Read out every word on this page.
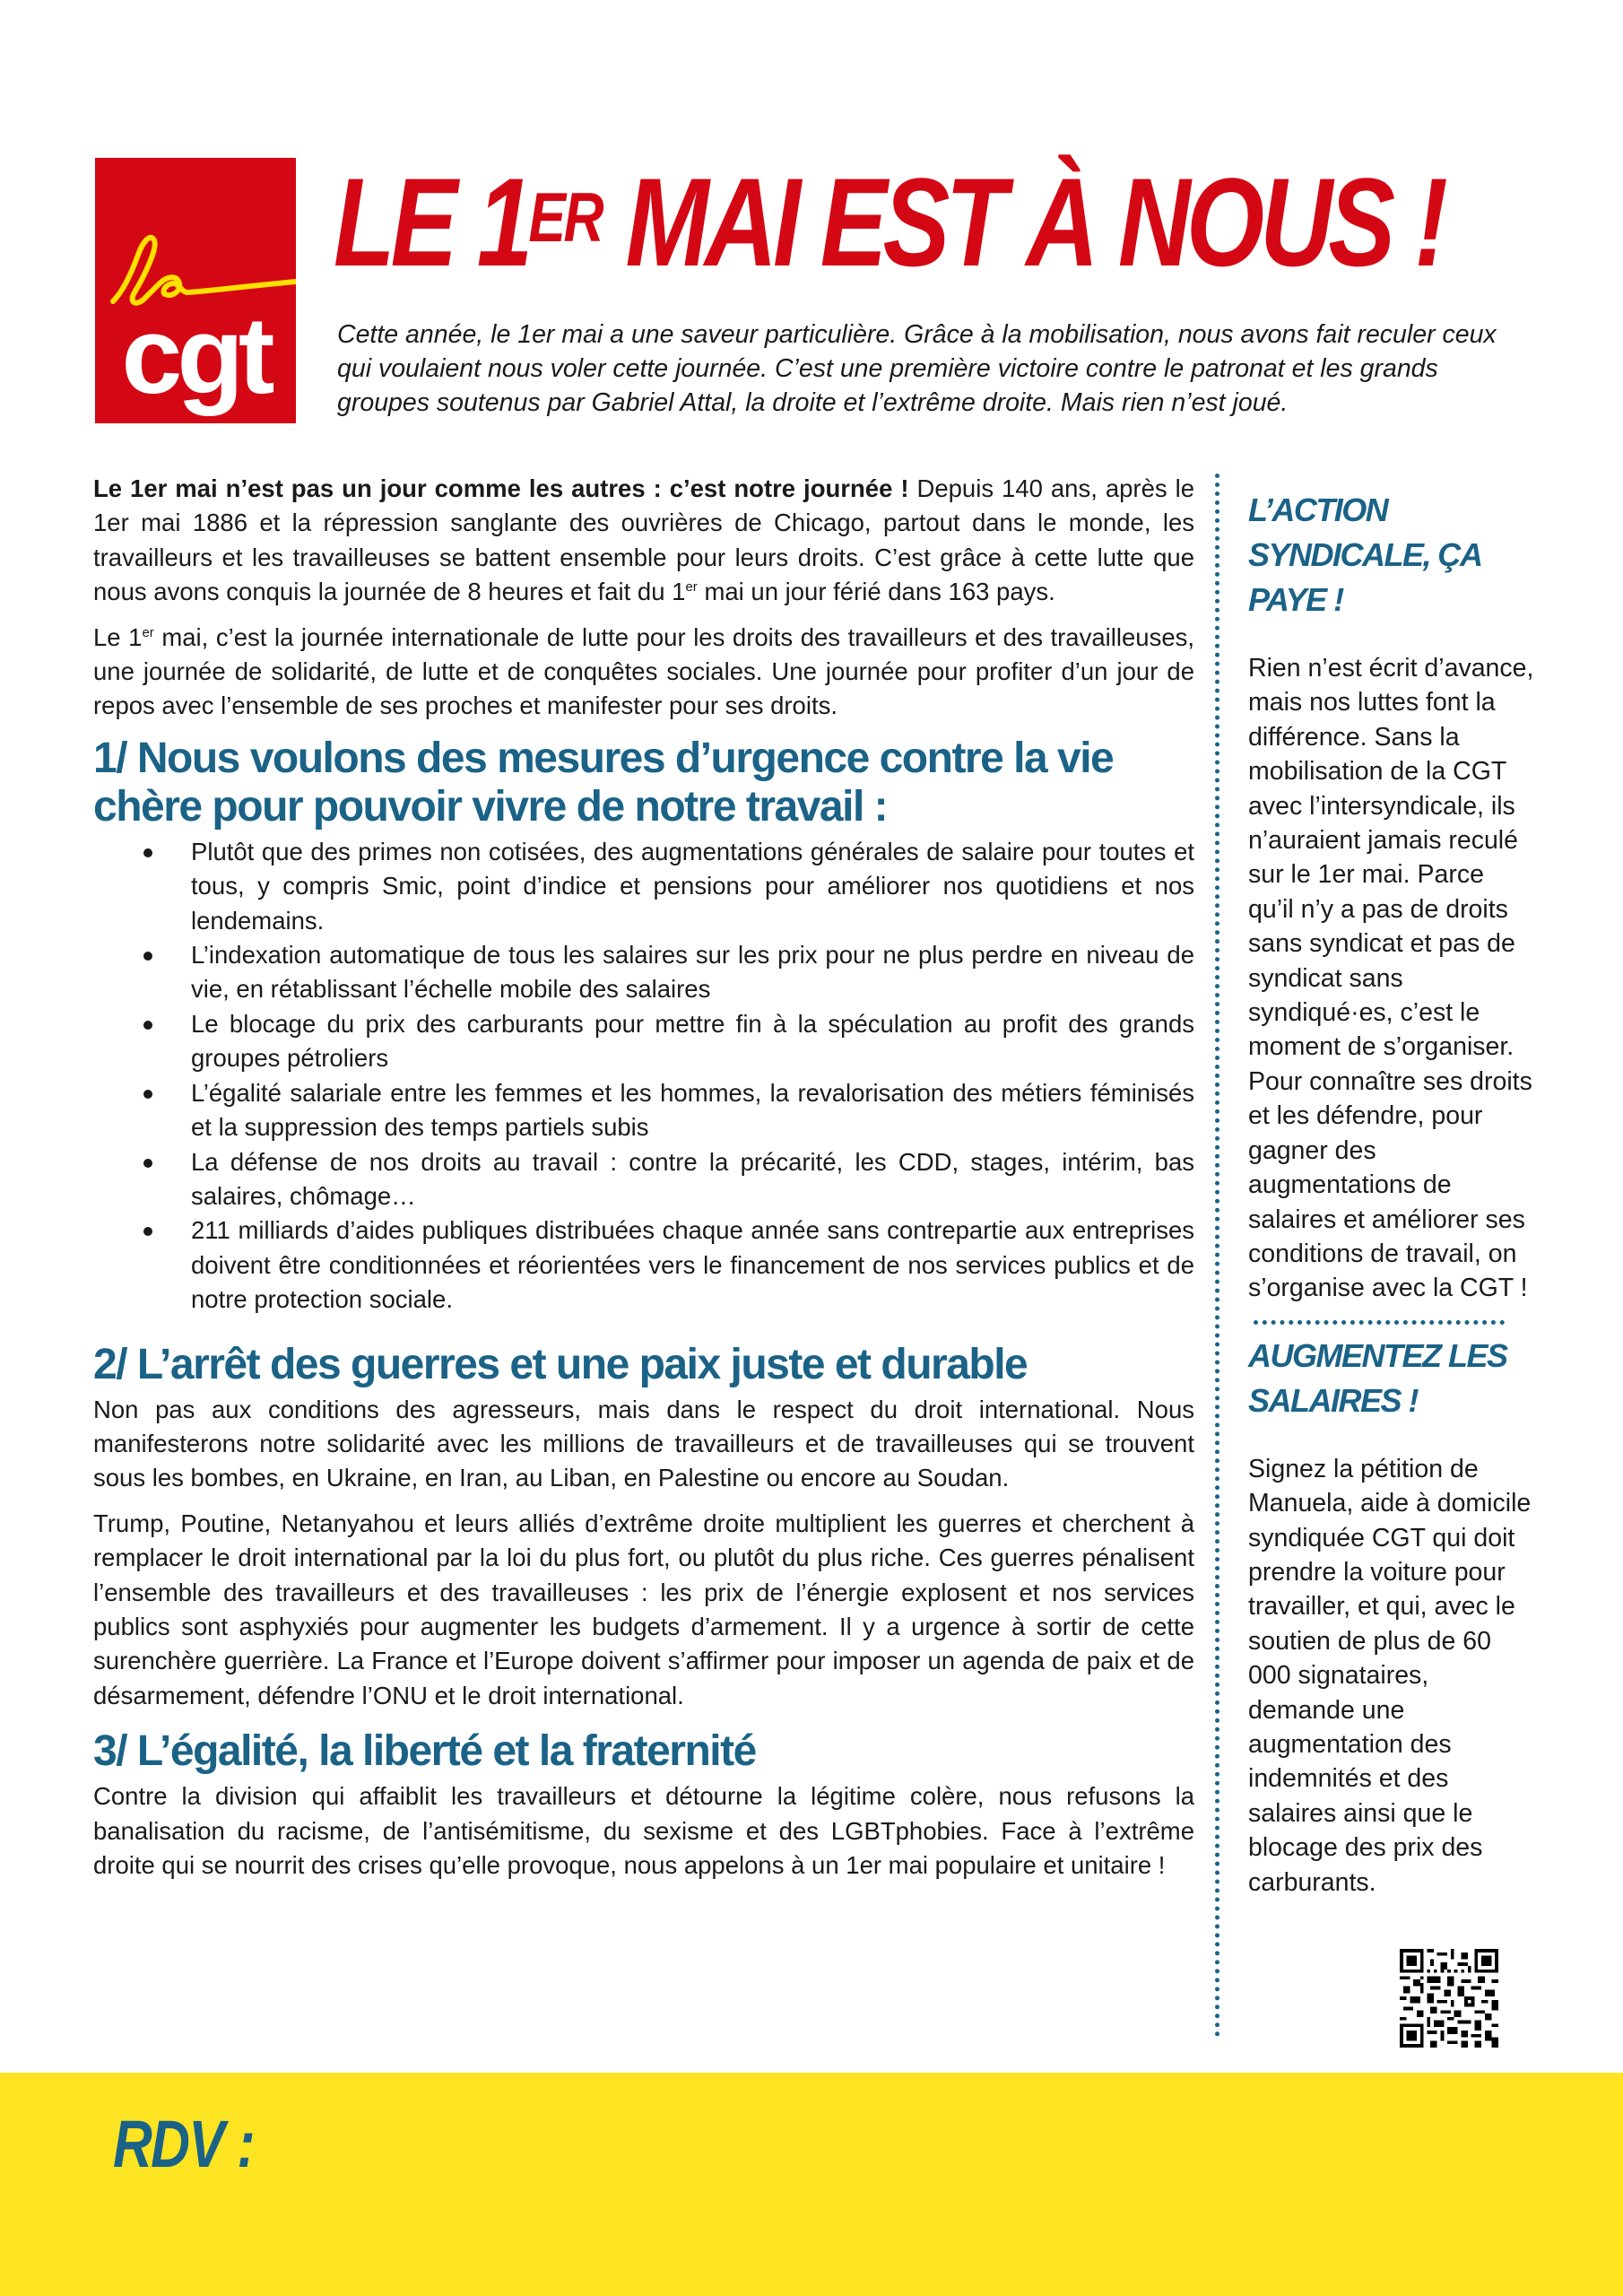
cgt
LE 1ER MAI EST À NOUS !

Cette année, le 1er mai a une saveur particulière. Grâce à la mobilisation, nous avons fait reculer ceux qui voulaient nous voler cette journée. C’est une première victoire contre le patronat et les grands groupes soutenus par Gabriel Attal, la droite et l’extrême droite. Mais rien n’est joué.

Le 1er mai n’est pas un jour comme les autres : c’est notre journée ! Depuis 140 ans, après le 1er mai 1886 et la répression sanglante des ouvrières de Chicago, partout dans le monde, les travailleurs et les travailleuses se battent ensemble pour leurs droits. C’est grâce à cette lutte que nous avons conquis la journée de 8 heures et fait du 1er mai un jour férié dans 163 pays.

Le 1er mai, c’est la journée internationale de lutte pour les droits des travailleurs et des travailleuses, une journée de solidarité, de lutte et de conquêtes sociales. Une journée pour profiter d’un jour de repos avec l’ensemble de ses proches et manifester pour ses droits.

1/ Nous voulons des mesures d’urgence contre la vie chère pour pouvoir vivre de notre travail :
Plutôt que des primes non cotisées, des augmentations générales de salaire pour toutes et tous, y compris Smic, point d’indice et pensions pour améliorer nos quotidiens et nos lendemains.
L’indexation automatique de tous les salaires sur les prix pour ne plus perdre en niveau de vie, en rétablissant l’échelle mobile des salaires
Le blocage du prix des carburants pour mettre fin à la spéculation au profit des grands groupes pétroliers
L’égalité salariale entre les femmes et les hommes, la revalorisation des métiers féminisés et la suppression des temps partiels subis
La défense de nos droits au travail : contre la précarité, les CDD, stages, intérim, bas salaires, chômage…
211 milliards d’aides publiques distribuées chaque année sans contrepartie aux entreprises doivent être conditionnées et réorientées vers le financement de nos services publics et de notre protection sociale.
2/ L’arrêt des guerres et une paix juste et durable

Non pas aux conditions des agresseurs, mais dans le respect du droit international. Nous manifesterons notre solidarité avec les millions de travailleurs et de travailleuses qui se trouvent sous les bombes, en Ukraine, en Iran, au Liban, en Palestine ou encore au Soudan.

Trump, Poutine, Netanyahou et leurs alliés d’extrême droite multiplient les guerres et cherchent à remplacer le droit international par la loi du plus fort, ou plutôt du plus riche. Ces guerres pénalisent l’ensemble des travailleurs et des travailleuses : les prix de l’énergie explosent et nos services publics sont asphyxiés pour augmenter les budgets d’armement. Il y a urgence à sortir de cette surenchère guerrière. La France et l’Europe doivent s’affirmer pour imposer un agenda de paix et de désarmement, défendre l’ONU et le droit international.

3/ L’égalité, la liberté et la fraternité

Contre la division qui affaiblit les travailleurs et détourne la légitime colère, nous refusons la banalisation du racisme, de l’antisémitisme, du sexisme et des LGBTphobies. Face à l’extrême droite qui se nourrit des crises qu’elle provoque, nous appelons à un 1er mai populaire et unitaire !

L’ACTION SYNDICALE, ÇA PAYE !

Rien n’est écrit d’avance, mais nos luttes font la différence. Sans la mobilisation de la CGT avec l’intersyndicale, ils n’auraient jamais reculé sur le 1er mai. Parce qu’il n’y a pas de droits sans syndicat et pas de syndicat sans syndiqué·es, c’est le moment de s’organiser. Pour connaître ses droits et les défendre, pour gagner des augmentations de salaires et améliorer ses conditions de travail, on s’organise avec la CGT !

AUGMENTEZ LES SALAIRES !

Signez la pétition de Manuela, aide à domicile syndiquée CGT qui doit prendre la voiture pour travailler, et qui, avec le soutien de plus de 60 000 signataires, demande une augmentation des indemnités et des salaires ainsi que le blocage des prix des carburants.

RDV :
